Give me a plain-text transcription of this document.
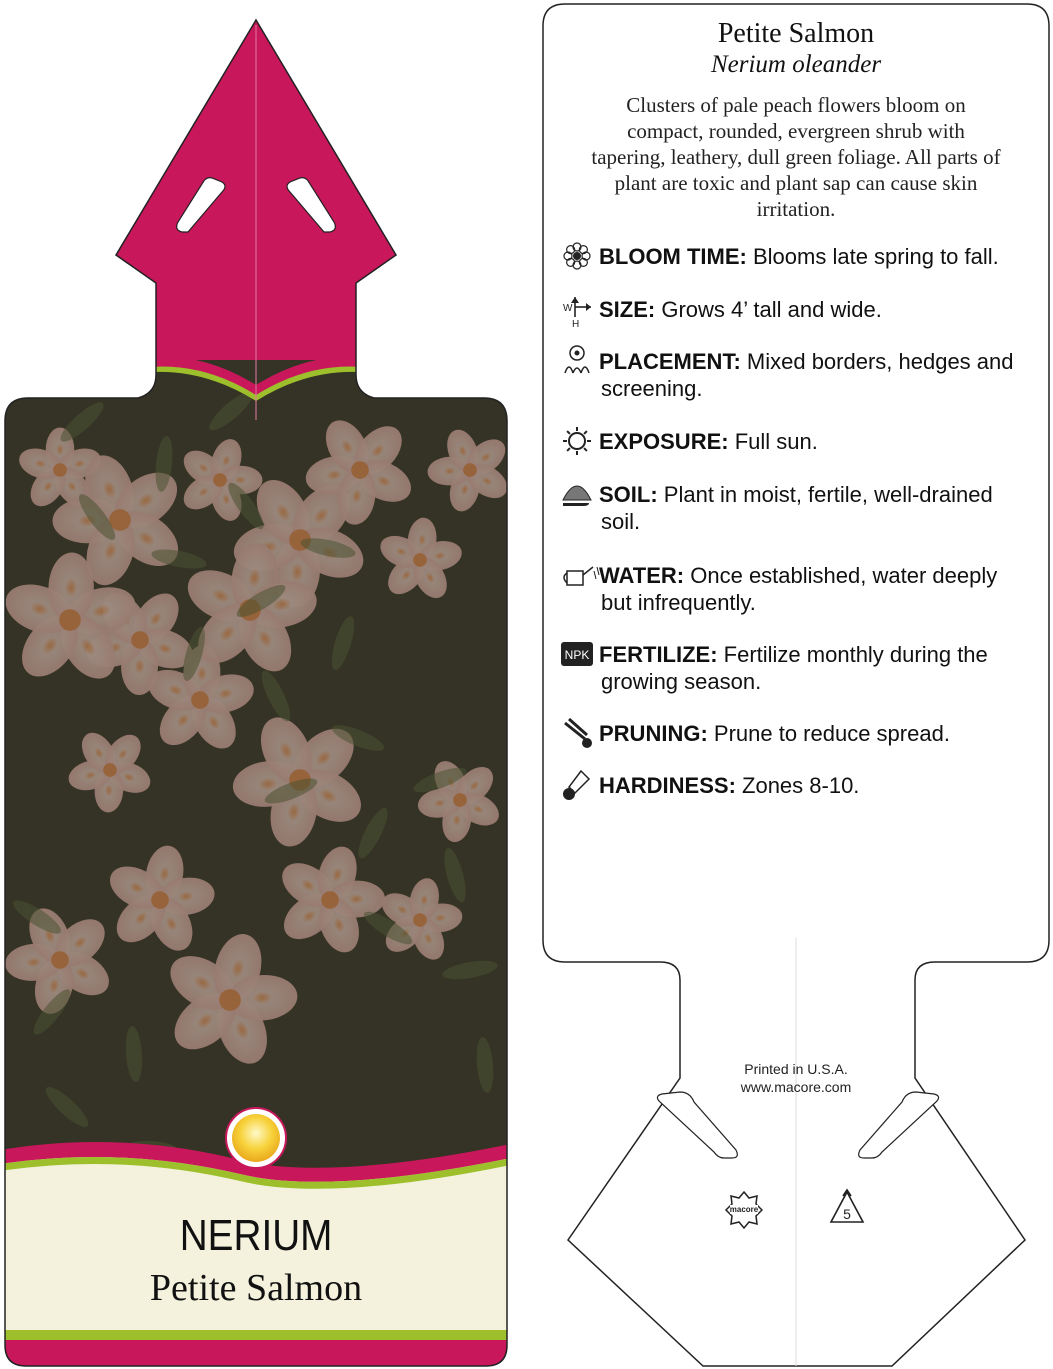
NERIUM
Petite Salmon
Petite Salmon
Nerium oleander
Clusters of pale peach flowers bloom on
compact, rounded, evergreen shrub with
tapering, leathery, dull green foliage. All parts of
plant are toxic and plant sap can cause skin
irritation.
BLOOM TIME: Blooms late spring to fall.
W
H
SIZE: Grows 4’ tall and wide.
PLACEMENT: Mixed borders, hedges and
screening.
EXPOSURE: Full sun.
SOIL: Plant in moist, fertile, well-drained
soil.
WATER: Once established, water deeply
but infrequently.
NPK FERTILIZE: Fertilize monthly during the
growing season.
PRUNING: Prune to reduce spread.
HARDINESS: Zones 8-10.
Printed in U.S.A.
www.macore.com
macore	5
